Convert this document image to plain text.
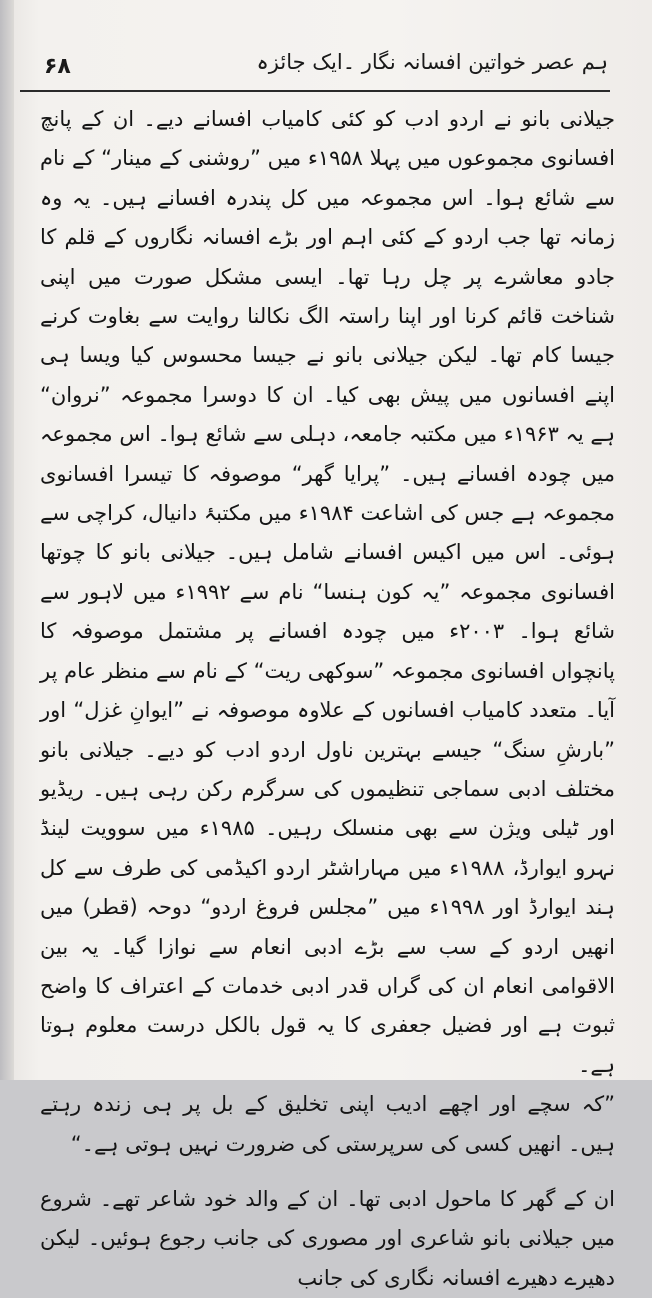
۶۸	ہم عصر خواتین افسانہ نگار ۔ایک جائزہ

جیلانی بانو نے اردو ادب کو کئی کامیاب افسانے دیے۔ ان کے پانچ افسانوی مجموعوں میں پہلا ۱۹۵۸ء میں ”روشنی کے مینار“ کے نام سے شائع ہوا۔ اس مجموعہ میں کل پندرہ افسانے ہیں۔ یہ وہ زمانہ تھا جب اردو کے کئی اہم اور بڑے افسانہ نگاروں کے قلم کا جادو معاشرے پر چل رہا تھا۔ ایسی مشکل صورت میں اپنی شناخت قائم کرنا اور اپنا راستہ الگ نکالنا روایت سے بغاوت کرنے جیسا کام تھا۔ لیکن جیلانی بانو نے جیسا محسوس کیا ویسا ہی اپنے افسانوں میں پیش بھی کیا۔ ان کا دوسرا مجموعہ ”نروان“ ہے یہ ۱۹۶۳ء میں مکتبہ جامعہ، دہلی سے شائع ہوا۔ اس مجموعہ میں چودہ افسانے ہیں۔ ”پرایا گھر“ موصوفہ کا تیسرا افسانوی مجموعہ ہے جس کی اشاعت ۱۹۸۴ء میں مکتبۂ دانیال، کراچی سے ہوئی۔ اس میں اکیس افسانے شامل ہیں۔ جیلانی بانو کا چوتھا افسانوی مجموعہ ”یہ کون ہنسا“ نام سے ۱۹۹۲ء میں لاہور سے شائع ہوا۔ ۲۰۰۳ء میں چودہ افسانے پر مشتمل موصوفہ کا پانچواں افسانوی مجموعہ ”سوکھی ریت“ کے نام سے منظر عام پر آیا۔ متعدد کامیاب افسانوں کے علاوہ موصوفہ نے ”ایوانِ غزل“ اور ”بارشِ سنگ“ جیسے بہترین ناول اردو ادب کو دیے۔ جیلانی بانو مختلف ادبی سماجی تنظیموں کی سرگرم رکن رہی ہیں۔ ریڈیو اور ٹیلی ویژن سے بھی منسلک رہیں۔ ۱۹۸۵ء میں سوویت لینڈ نہرو ایوارڈ، ۱۹۸۸ء میں مہاراشٹر اردو اکیڈمی کی طرف سے کل ہند ایوارڈ اور ۱۹۹۸ء میں ”مجلس فروغ اردو“ دوحہ (قطر) میں انھیں اردو کے سب سے بڑے ادبی انعام سے نوازا گیا۔ یہ بین الاقوامی انعام ان کی گراں قدر ادبی خدمات کے اعتراف کا واضح ثبوت ہے اور فضیل جعفری کا یہ قول بالکل درست معلوم ہوتا ہے۔

”کہ سچے اور اچھے ادیب اپنی تخلیق کے بل پر ہی زندہ رہتے ہیں۔ انھیں کسی کی سرپرستی کی ضرورت نہیں ہوتی ہے۔“

ان کے گھر کا ماحول ادبی تھا۔ ان کے والد خود شاعر تھے۔ شروع میں جیلانی بانو شاعری اور مصوری کی جانب رجوع ہوئیں۔ لیکن دھیرے دھیرے افسانہ نگاری کی جانب
